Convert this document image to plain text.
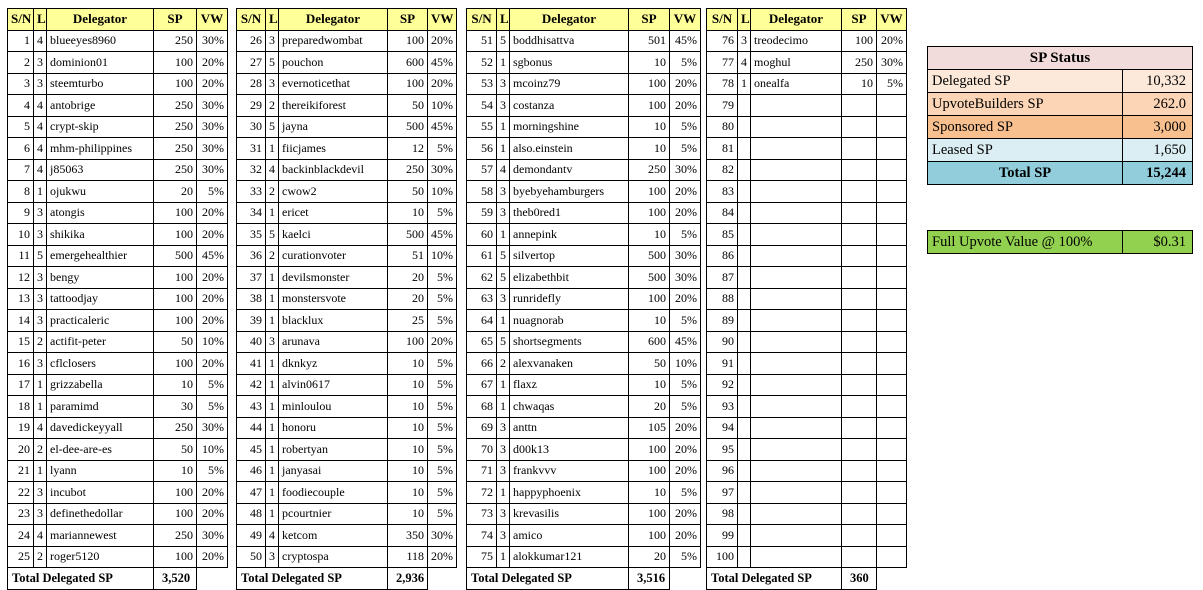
S/N	L	Delegator	SP	VW
1	4	blueeyes8960	250	30%
2	3	dominion01	100	20%
3	3	steemturbo	100	20%
4	4	antobrige	250	30%
5	4	crypt-skip	250	30%
6	4	mhm-philippines	250	30%
7	4	j85063	250	30%
8	1	ojukwu	20	5%
9	3	atongis	100	20%
10	3	shikika	100	20%
11	5	emergehealthier	500	45%
12	3	bengy	100	20%
13	3	tattoodjay	100	20%
14	3	practicaleric	100	20%
15	2	actifit-peter	50	10%
16	3	cflclosers	100	20%
17	1	grizzabella	10	5%
18	1	paramimd	30	5%
19	4	davedickeyyall	250	30%
20	2	el-dee-are-es	50	10%
21	1	lyann	10	5%
22	3	incubot	100	20%
23	3	definethedollar	100	20%
24	4	mariannewest	250	30%
25	2	roger5120	100	20%
Total Delegated SP			3,520	
S/N	L	Delegator	SP	VW
26	3	preparedwombat	100	20%
27	5	pouchon	600	45%
28	3	evernoticethat	100	20%
29	2	thereikiforest	50	10%
30	5	jayna	500	45%
31	1	fiicjames	12	5%
32	4	backinblackdevil	250	30%
33	2	cwow2	50	10%
34	1	ericet	10	5%
35	5	kaelci	500	45%
36	2	curationvoter	51	10%
37	1	devilsmonster	20	5%
38	1	monstersvote	20	5%
39	1	blacklux	25	5%
40	3	arunava	100	20%
41	1	dknkyz	10	5%
42	1	alvin0617	10	5%
43	1	minloulou	10	5%
44	1	honoru	10	5%
45	1	robertyan	10	5%
46	1	janyasai	10	5%
47	1	foodiecouple	10	5%
48	1	pcourtnier	10	5%
49	4	ketcom	350	30%
50	3	cryptospa	118	20%
Total Delegated SP			2,936	
S/N	L	Delegator	SP	VW
51	5	boddhisattva	501	45%
52	1	sgbonus	10	5%
53	3	mcoinz79	100	20%
54	3	costanza	100	20%
55	1	morningshine	10	5%
56	1	also.einstein	10	5%
57	4	demondantv	250	30%
58	3	byebyehamburgers	100	20%
59	3	theb0red1	100	20%
60	1	annepink	10	5%
61	5	silvertop	500	30%
62	5	elizabethbit	500	30%
63	3	runridefly	100	20%
64	1	nuagnorab	10	5%
65	5	shortsegments	600	45%
66	2	alexvanaken	50	10%
67	1	flaxz	10	5%
68	1	chwaqas	20	5%
69	3	anttn	105	20%
70	3	d00k13	100	20%
71	3	frankvvv	100	20%
72	1	happyphoenix	10	5%
73	3	krevasilis	100	20%
74	3	amico	100	20%
75	1	alokkumar121	20	5%
Total Delegated SP			3,516	
S/N	L	Delegator	SP	VW
76	3	treodecimo	100	20%
77	4	moghul	250	30%
78	1	onealfa	10	5%
79				
80				
81				
82				
83				
84				
85				
86				
87				
88				
89				
90				
91				
92				
93				
94				
95				
96				
97				
98				
99				
100				
Total Delegated SP			360	
SP Status	
Delegated SP	10,332
UpvoteBuilders SP	262.0
Sponsored SP	3,000
Leased SP	1,650
Total SP	15,244
Full Upvote Value @ 100%	$0.31
